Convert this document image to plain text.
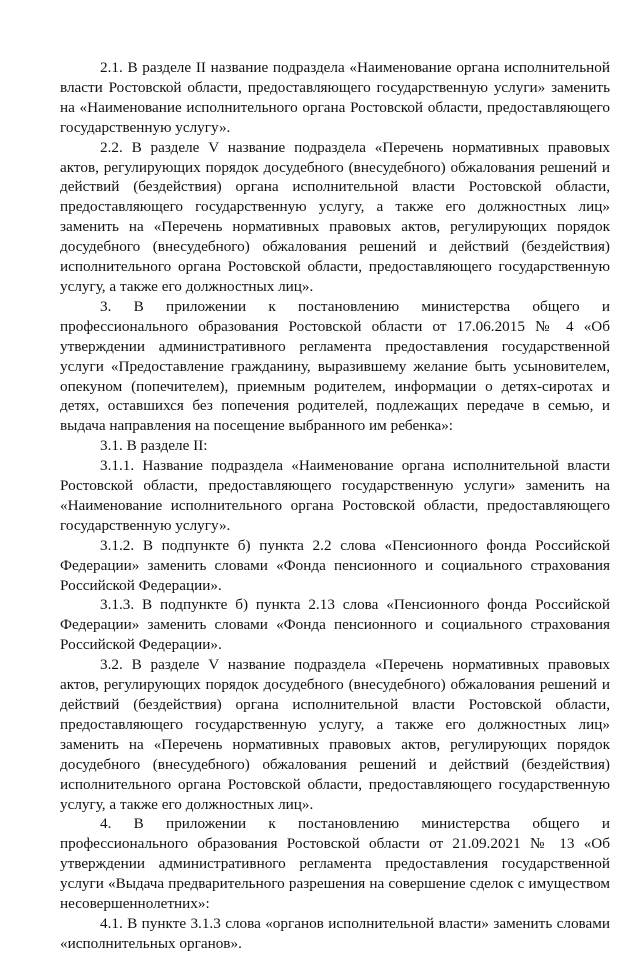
2.1. В разделе II название подраздела «Наименование органа исполнительной власти Ростовской области, предоставляющего государственную услуги» заменить на «Наименование исполнительного органа Ростовской области, предоставляющего государственную услугу».

2.2. В разделе V название подраздела «Перечень нормативных правовых актов, регулирующих порядок досудебного (внесудебного) обжалования решений и действий (бездействия) органа исполнительной власти Ростовской области, предоставляющего государственную услугу, а также его должностных лиц» заменить на «Перечень нормативных правовых актов, регулирующих порядок досудебного (внесудебного) обжалования решений и действий (бездействия) исполнительного органа Ростовской области, предоставляющего государственную услугу, а также его должностных лиц».

3. В приложении к постановлению министерства общего и профессионального образования Ростовской области от 17.06.2015 № 4 «Об утверждении административного регламента предоставления государственной услуги «Предоставление гражданину, выразившему желание быть усыновителем, опекуном (попечителем), приемным родителем, информации о детях-сиротах и детях, оставшихся без попечения родителей, подлежащих передаче в семью, и выдача направления на посещение выбранного им ребенка»:

3.1. В разделе II:

3.1.1. Название подраздела «Наименование органа исполнительной власти Ростовской области, предоставляющего государственную услуги» заменить на «Наименование исполнительного органа Ростовской области, предоставляющего государственную услугу».

3.1.2. В подпункте б) пункта 2.2 слова «Пенсионного фонда Российской Федерации» заменить словами «Фонда пенсионного и социального страхования Российской Федерации».

3.1.3. В подпункте б) пункта 2.13 слова «Пенсионного фонда Российской Федерации» заменить словами «Фонда пенсионного и социального страхования Российской Федерации».

3.2. В разделе V название подраздела «Перечень нормативных правовых актов, регулирующих порядок досудебного (внесудебного) обжалования решений и действий (бездействия) органа исполнительной власти Ростовской области, предоставляющего государственную услугу, а также его должностных лиц» заменить на «Перечень нормативных правовых актов, регулирующих порядок досудебного (внесудебного) обжалования решений и действий (бездействия) исполнительного органа Ростовской области, предоставляющего государственную услугу, а также его должностных лиц».

4. В приложении к постановлению министерства общего и профессионального образования Ростовской области от 21.09.2021 № 13 «Об утверждении административного регламента предоставления государственной услуги «Выдача предварительного разрешения на совершение сделок с имуществом несовершеннолетних»:

4.1. В пункте 3.1.3 слова «органов исполнительной власти» заменить словами «исполнительных органов».
